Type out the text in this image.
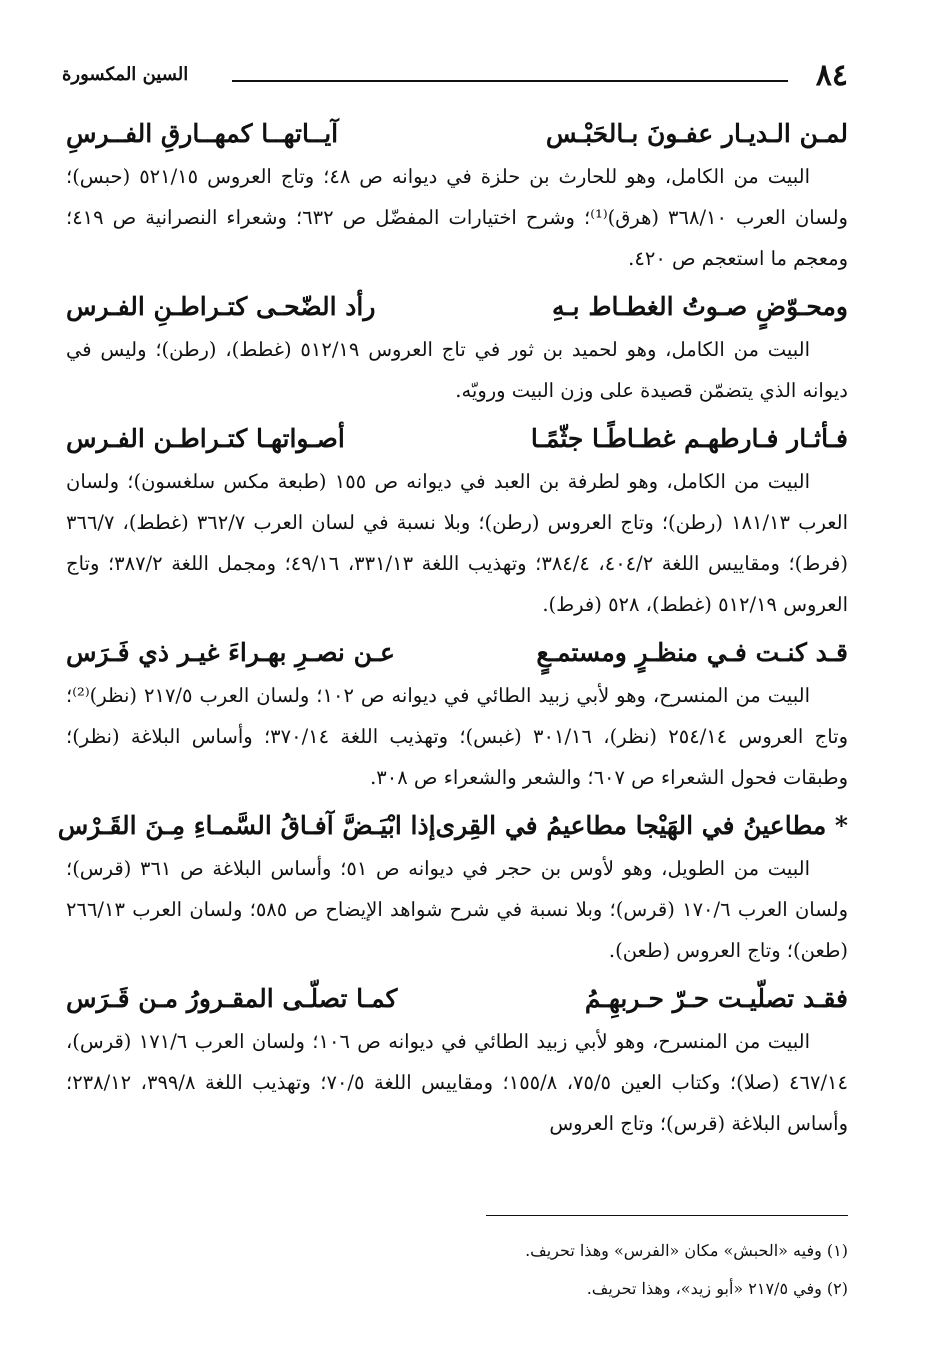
٨٤
السين المكسورة
لمـن الـديـار عفـونَ بـالحَبْـس
آيــاتهــا كمهــارقِ الفــرسِ

البيت من الكامل، وهو للحارث بن حلزة في ديوانه ص ٤٨؛ وتاج العروس ٥٢١/١٥ (حبس)؛ ولسان العرب ٣٦٨/١٠ (هرق)⁽¹⁾؛ وشرح اختيارات المفضّل ص ٦٣٢؛ وشعراء النصرانية ص ٤١٩؛ ومعجم ما استعجم ص ٤٢٠.

ومحـوّضٍ صـوتُ الغطـاط بـهِ
رأد الضّحـى كتـراطـنِ الفـرس

البيت من الكامل، وهو لحميد بن ثور في تاج العروس ٥١٢/١٩ (غطط)، (رطن)؛ وليس في ديوانه الذي يتضمّن قصيدة على وزن البيت ورويّه.

فـأثـار فـارطهـم غطـاطًـا جثّمًـا
أصـواتهـا كتـراطـن الفـرس

البيت من الكامل، وهو لطرفة بن العبد في ديوانه ص ١٥٥ (طبعة مكس سلغسون)؛ ولسان العرب ١٨١/١٣ (رطن)؛ وتاج العروس (رطن)؛ وبلا نسبة في لسان العرب ٣٦٢/٧ (غطط)، ٣٦٦/٧ (فرط)؛ ومقاييس اللغة ٤٠٤/٢، ٣٨٤/٤؛ وتهذيب اللغة ٣٣١/١٣، ٤٩/١٦؛ ومجمل اللغة ٣٨٧/٢؛ وتاج العروس ٥١٢/١٩ (غطط)، ٥٢٨ (فرط).

قـد كنـت فـي منظـرٍ ومستمـعٍ
عـن نصـرِ بهـراءَ غيـر ذي فَـرَس

البيت من المنسرح، وهو لأبي زبيد الطائي في ديوانه ص ١٠٢؛ ولسان العرب ٢١٧/٥ (نظر)⁽²⁾؛ وتاج العروس ٢٥٤/١٤ (نظر)، ٣٠١/١٦ (غبس)؛ وتهذيب اللغة ٣٧٠/١٤؛ وأساس البلاغة (نظر)؛ وطبقات فحول الشعراء ص ٦٠٧؛ والشعر والشعراء ص ٣٠٨.

* مطاعينُ في الهَيْجا مطاعيمُ في القِرى
إذا ابْيَـضَّ آفـاقُ السَّمـاءِ مِـنَ القَـرْس

البيت من الطويل، وهو لأوس بن حجر في ديوانه ص ٥١؛ وأساس البلاغة ص ٣٦١ (قرس)؛ ولسان العرب ١٧٠/٦ (قرس)؛ وبلا نسبة في شرح شواهد الإيضاح ص ٥٨٥؛ ولسان العرب ٢٦٦/١٣ (طعن)؛ وتاج العروس (طعن).

فقـد تصلّيـت حـرّ حـربهِـمُ
كمـا تصلّـى المقـرورُ مـن قَـرَس

البيت من المنسرح، وهو لأبي زبيد الطائي في ديوانه ص ١٠٦؛ ولسان العرب ١٧١/٦ (قرس)، ٤٦٧/١٤ (صلا)؛ وكتاب العين ٧٥/٥، ١٥٥/٨؛ ومقاييس اللغة ٧٠/٥؛ وتهذيب اللغة ٣٩٩/٨، ٢٣٨/١٢؛ وأساس البلاغة (قرس)؛ وتاج العروس

(١) وفيه «الحبش» مكان «الفرس» وهذا تحريف.
(٢) وفي ٢١٧/٥ «أبو زيد»، وهذا تحريف.
